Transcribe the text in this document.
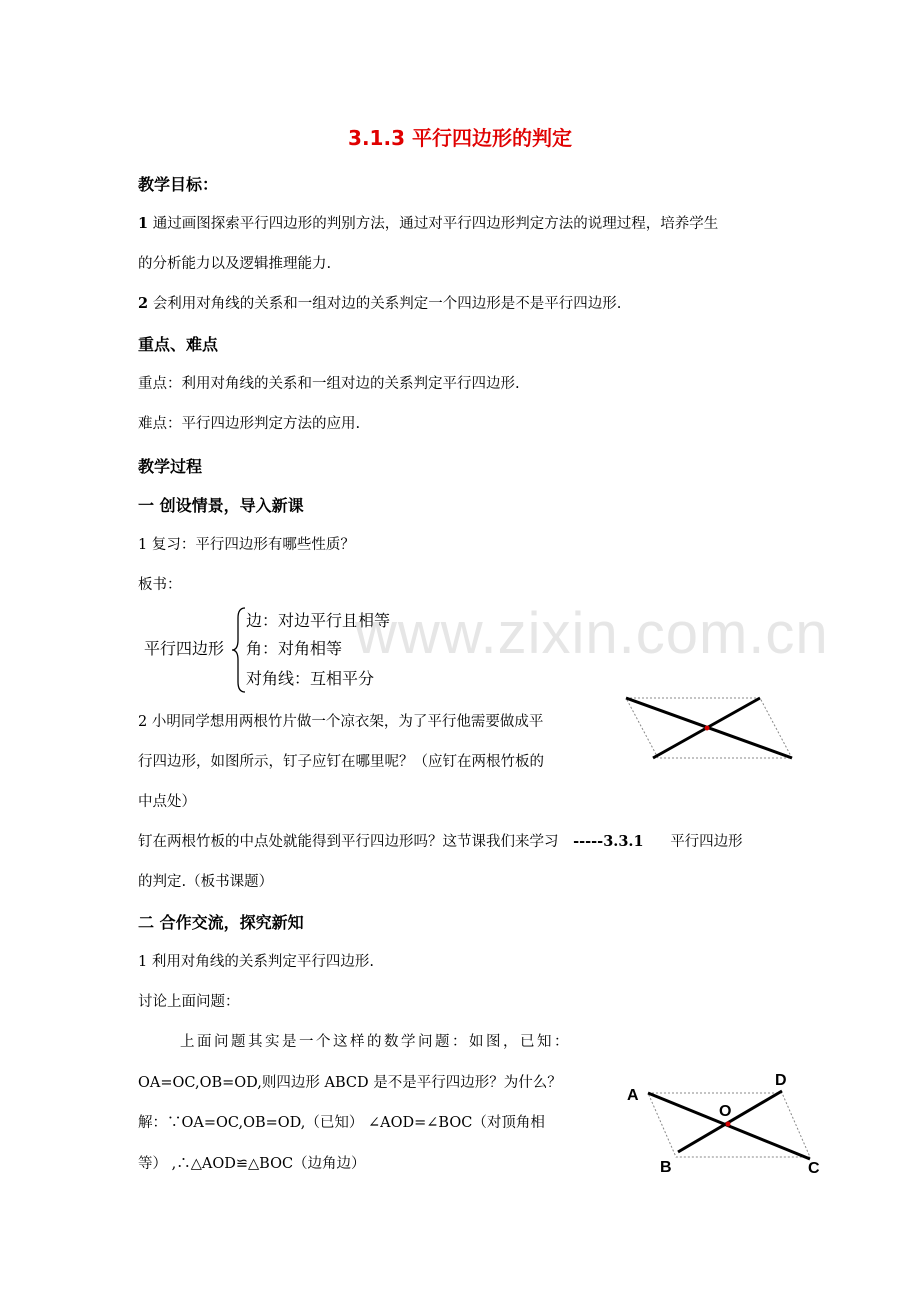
3.1.3 平行四边形的判定
教学目标：
1 通过画图探索平行四边形的判别方法，通过对平行四边形判定方法的说理过程，培养学生
的分析能力以及逻辑推理能力.
2 会利用对角线的关系和一组对边的关系判定一个四边形是不是平行四边形.
重点、难点
重点：利用对角线的关系和一组对边的关系判定平行四边形.
难点：平行四边形判定方法的应用.
教学过程
一 创设情景，导入新课
1 复习：平行四边形有哪些性质？
板书：
平行四边形
边：对边平行且相等
角：对角相等
对角线：互相平分
www.zixin.com.cn
2 小明同学想用两根竹片做一个凉衣架，为了平行他需要做成平
行四边形，如图所示，钉子应钉在哪里呢？（应钉在两根竹板的
中点处）
钉在两根竹板的中点处就能得到平行四边形吗？这节课我们来学习 -----3.3.1 平行四边形
的判定.（板书课题）
二 合作交流，探究新知
1 利用对角线的关系判定平行四边形.
讨论上面问题：
上面问题其实是一个这样的数学问题：如图，已知：
OA=OC,OB=OD,则四边形 ABCD 是不是平行四边形？为什么？
解：∵OA=OC,OB=OD,（已知） ∠AOD=∠BOC（对顶角相
等） ,∴△AOD≌△BOC（边角边）
A
D
O
B	C
